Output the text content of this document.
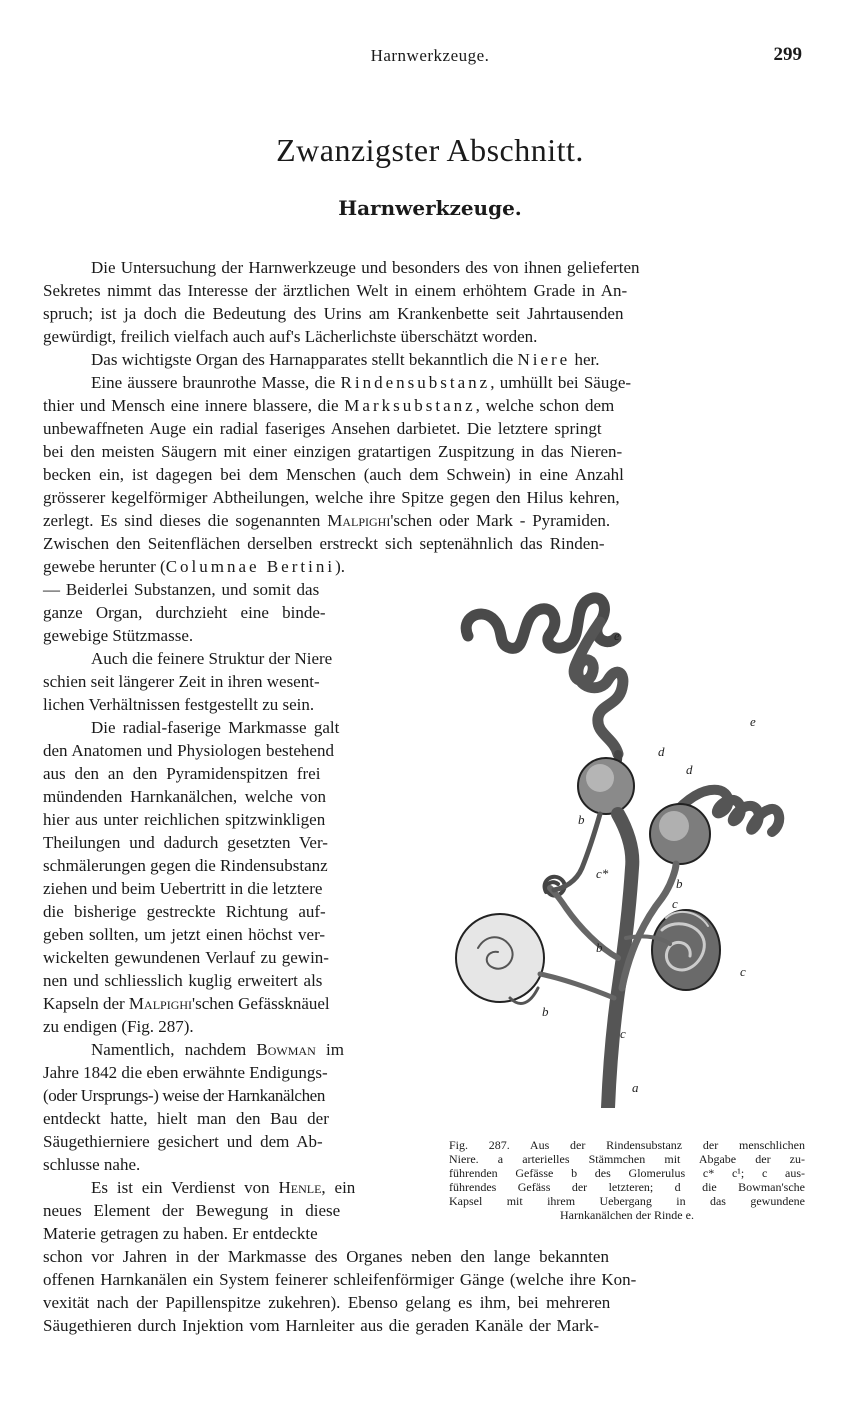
Harnwerkzeuge.	299
Zwanzigster Abschnitt.
Harnwerkzeuge.
Die Untersuchung der Harnwerkzeuge und besonders des von ihnen gelieferten
Sekretes nimmt das Interesse der ärztlichen Welt in einem erhöhtem Grade in An-
spruch; ist ja doch die Bedeutung des Urins am Krankenbette seit Jahrtausenden
gewürdigt, freilich vielfach auch auf's Lächerlichste überschätzt worden.
Das wichtigste Organ des Harnapparates stellt bekanntlich die Niere her.
Eine äussere braunrothe Masse, die Rindensubstanz, umhüllt bei Säuge-
thier und Mensch eine innere blassere, die Marksubstanz, welche schon dem
unbewaffneten Auge ein radial faseriges Ansehen darbietet. Die letztere springt
bei den meisten Säugern mit einer einzigen gratartigen Zuspitzung in das Nieren-
becken ein, ist dagegen bei dem Menschen (auch dem Schwein) in eine Anzahl
grösserer kegelförmiger Abtheilungen, welche ihre Spitze gegen den Hilus kehren,
zerlegt. Es sind dieses die sogenannten Malpighi'schen oder Mark - Pyramiden.
Zwischen den Seitenflächen derselben erstreckt sich septenähnlich das Rinden-
gewebe herunter (Columnae Bertini).
— Beiderlei Substanzen, und somit das
ganze Organ, durchzieht eine binde-
gewebige Stützmasse.
Auch die feinere Struktur der Niere
schien seit längerer Zeit in ihren wesent-
lichen Verhältnissen festgestellt zu sein.
Die radial-faserige Markmasse galt
den Anatomen und Physiologen bestehend
aus den an den Pyramidenspitzen frei
mündenden Harnkanälchen, welche von
hier aus unter reichlichen spitzwinkligen
Theilungen und dadurch gesetzten Ver-
schmälerungen gegen die Rindensubstanz
ziehen und beim Uebertritt in die letztere
die bisherige gestreckte Richtung auf-
geben sollten, um jetzt einen höchst ver-
wickelten gewundenen Verlauf zu gewin-
nen und schliesslich kuglig erweitert als
Kapseln der Malpighi'schen Gefässknäuel
zu endigen (Fig. 287).
Namentlich, nachdem Bowman im
Jahre 1842 die eben erwähnte Endigungs-
(oder Ursprungs-) weise der Harnkanälchen
entdeckt hatte, hielt man den Bau der
Säugethierniere gesichert und dem Ab-
schlusse nahe.
Es ist ein Verdienst von Henle, ein
neues Element der Bewegung in diese
Materie getragen zu haben. Er entdeckte
schon vor Jahren in der Markmasse des Organes neben den lange bekannten
offenen Harnkanälen ein System feinerer schleifenförmiger Gänge (welche ihre Kon-
vexität nach der Papillenspitze zukehren). Ebenso gelang es ihm, bei mehreren
Säugethieren durch Injektion vom Harnleiter aus die geraden Kanäle der Mark-
e
d
d
e
b
c*
b
c
b
b
c
c
a
Fig. 287. Aus der Rindensubstanz der menschlichen
Niere. a arterielles Stämmchen mit Abgabe der zu-
führenden Gefässe b des Glomerulus c* c¹; c aus-
führendes Gefäss der letzteren; d die Bowman'sche
Kapsel mit ihrem Uebergang in das gewundene
Harnkanälchen der Rinde e.
